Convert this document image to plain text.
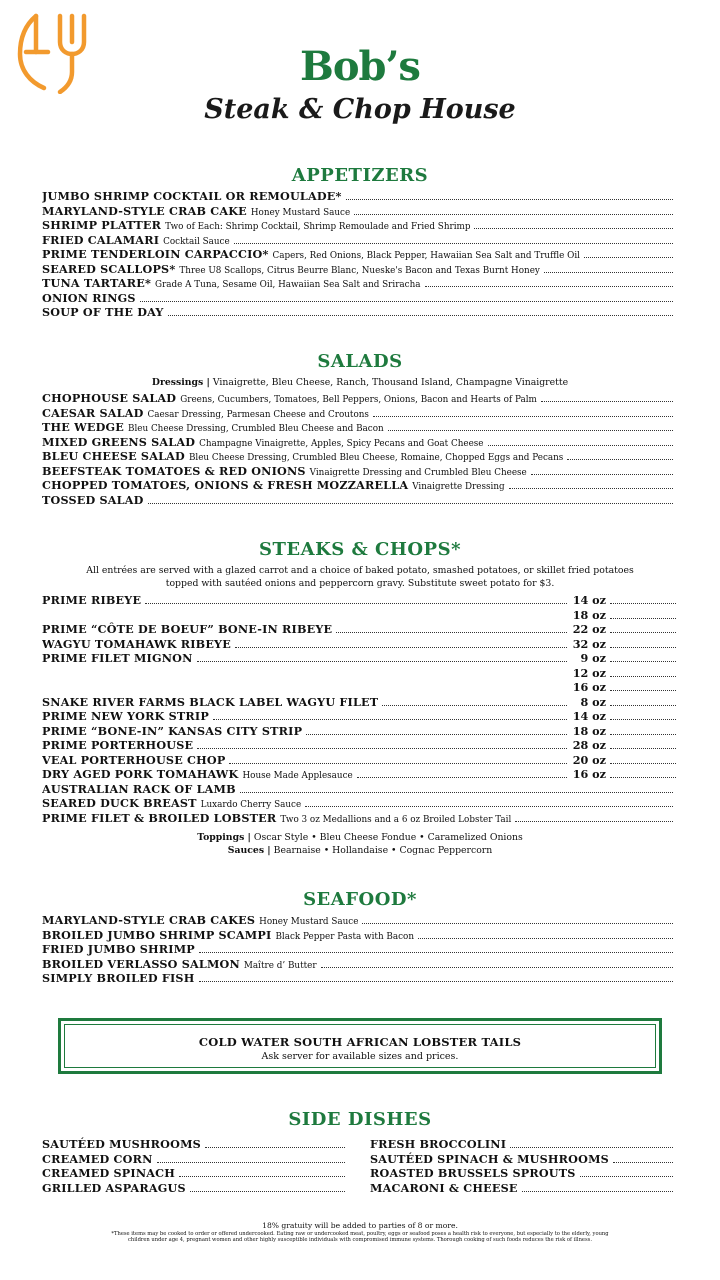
Bob’s
Steak & Chop House
APPETIZERS
JUMBO SHRIMP COCKTAIL OR REMOULADE*
MARYLAND-STYLE CRAB CAKE Honey Mustard Sauce
SHRIMP PLATTER Two of Each: Shrimp Cocktail, Shrimp Remoulade and Fried Shrimp
FRIED CALAMARI Cocktail Sauce
PRIME TENDERLOIN CARPACCIO* Capers, Red Onions, Black Pepper, Hawaiian Sea Salt and Truffle Oil
SEARED SCALLOPS* Three U8 Scallops, Citrus Beurre Blanc, Nueske's Bacon and Texas Burnt Honey
TUNA TARTARE* Grade A Tuna, Sesame Oil, Hawaiian Sea Salt and Sriracha
ONION RINGS
SOUP OF THE DAY
SALADS
Dressings | Vinaigrette, Bleu Cheese, Ranch, Thousand Island, Champagne Vinaigrette
CHOPHOUSE SALAD Greens, Cucumbers, Tomatoes, Bell Peppers, Onions, Bacon and Hearts of Palm
CAESAR SALAD Caesar Dressing, Parmesan Cheese and Croutons
THE WEDGE Bleu Cheese Dressing, Crumbled Bleu Cheese and Bacon
MIXED GREENS SALAD Champagne Vinaigrette, Apples, Spicy Pecans and Goat Cheese
BLEU CHEESE SALAD Bleu Cheese Dressing, Crumbled Bleu Cheese, Romaine, Chopped Eggs and Pecans
BEEFSTEAK TOMATOES & RED ONIONS Vinaigrette Dressing and Crumbled Bleu Cheese
CHOPPED TOMATOES, ONIONS & FRESH MOZZARELLA Vinaigrette Dressing
TOSSED SALAD
STEAKS & CHOPS*
All entrées are served with a glazed carrot and a choice of baked potato, smashed potatoes, or skillet fried potatoes
topped with sautéed onions and peppercorn gravy. Substitute sweet potato for $3.
PRIME RIBEYE	14 oz
18 oz
PRIME “CÔTE DE BOEUF” BONE-IN RIBEYE	22 oz
WAGYU TOMAHAWK RIBEYE	32 oz
PRIME FILET MIGNON	9 oz
12 oz
16 oz
SNAKE RIVER FARMS BLACK LABEL WAGYU FILET	8 oz
PRIME NEW YORK STRIP	14 oz
PRIME “BONE-IN” KANSAS CITY STRIP	18 oz
PRIME PORTERHOUSE	28 oz
VEAL PORTERHOUSE CHOP	20 oz
DRY AGED PORK TOMAHAWK House Made Applesauce	16 oz
AUSTRALIAN RACK OF LAMB
SEARED DUCK BREAST Luxardo Cherry Sauce
PRIME FILET & BROILED LOBSTER Two 3 oz Medallions and a 6 oz Broiled Lobster Tail
Toppings | Oscar Style • Bleu Cheese Fondue • Caramelized Onions
Sauces | Bearnaise • Hollandaise • Cognac Peppercorn
SEAFOOD*
MARYLAND-STYLE CRAB CAKES Honey Mustard Sauce
BROILED JUMBO SHRIMP SCAMPI Black Pepper Pasta with Bacon
FRIED JUMBO SHRIMP
BROILED VERLASSO SALMON Maître d’ Butter
SIMPLY BROILED FISH
COLD WATER SOUTH AFRICAN LOBSTER TAILS
Ask server for available sizes and prices.
SIDE DISHES
SAUTÉED MUSHROOMS
CREAMED CORN
CREAMED SPINACH
GRILLED ASPARAGUS
FRESH BROCCOLINI
SAUTÉED SPINACH & MUSHROOMS
ROASTED BRUSSELS SPROUTS
MACARONI & CHEESE
18% gratuity will be added to parties of 8 or more.
*These items may be cooked to order or offered undercooked. Eating raw or undercooked meat, poultry, eggs or seafood poses a health risk to everyone, but especially to the elderly, young children under age 4, pregnant women and other highly susceptible individuals with compromised immune systems. Thorough cooking of such foods reduces the risk of illness.
